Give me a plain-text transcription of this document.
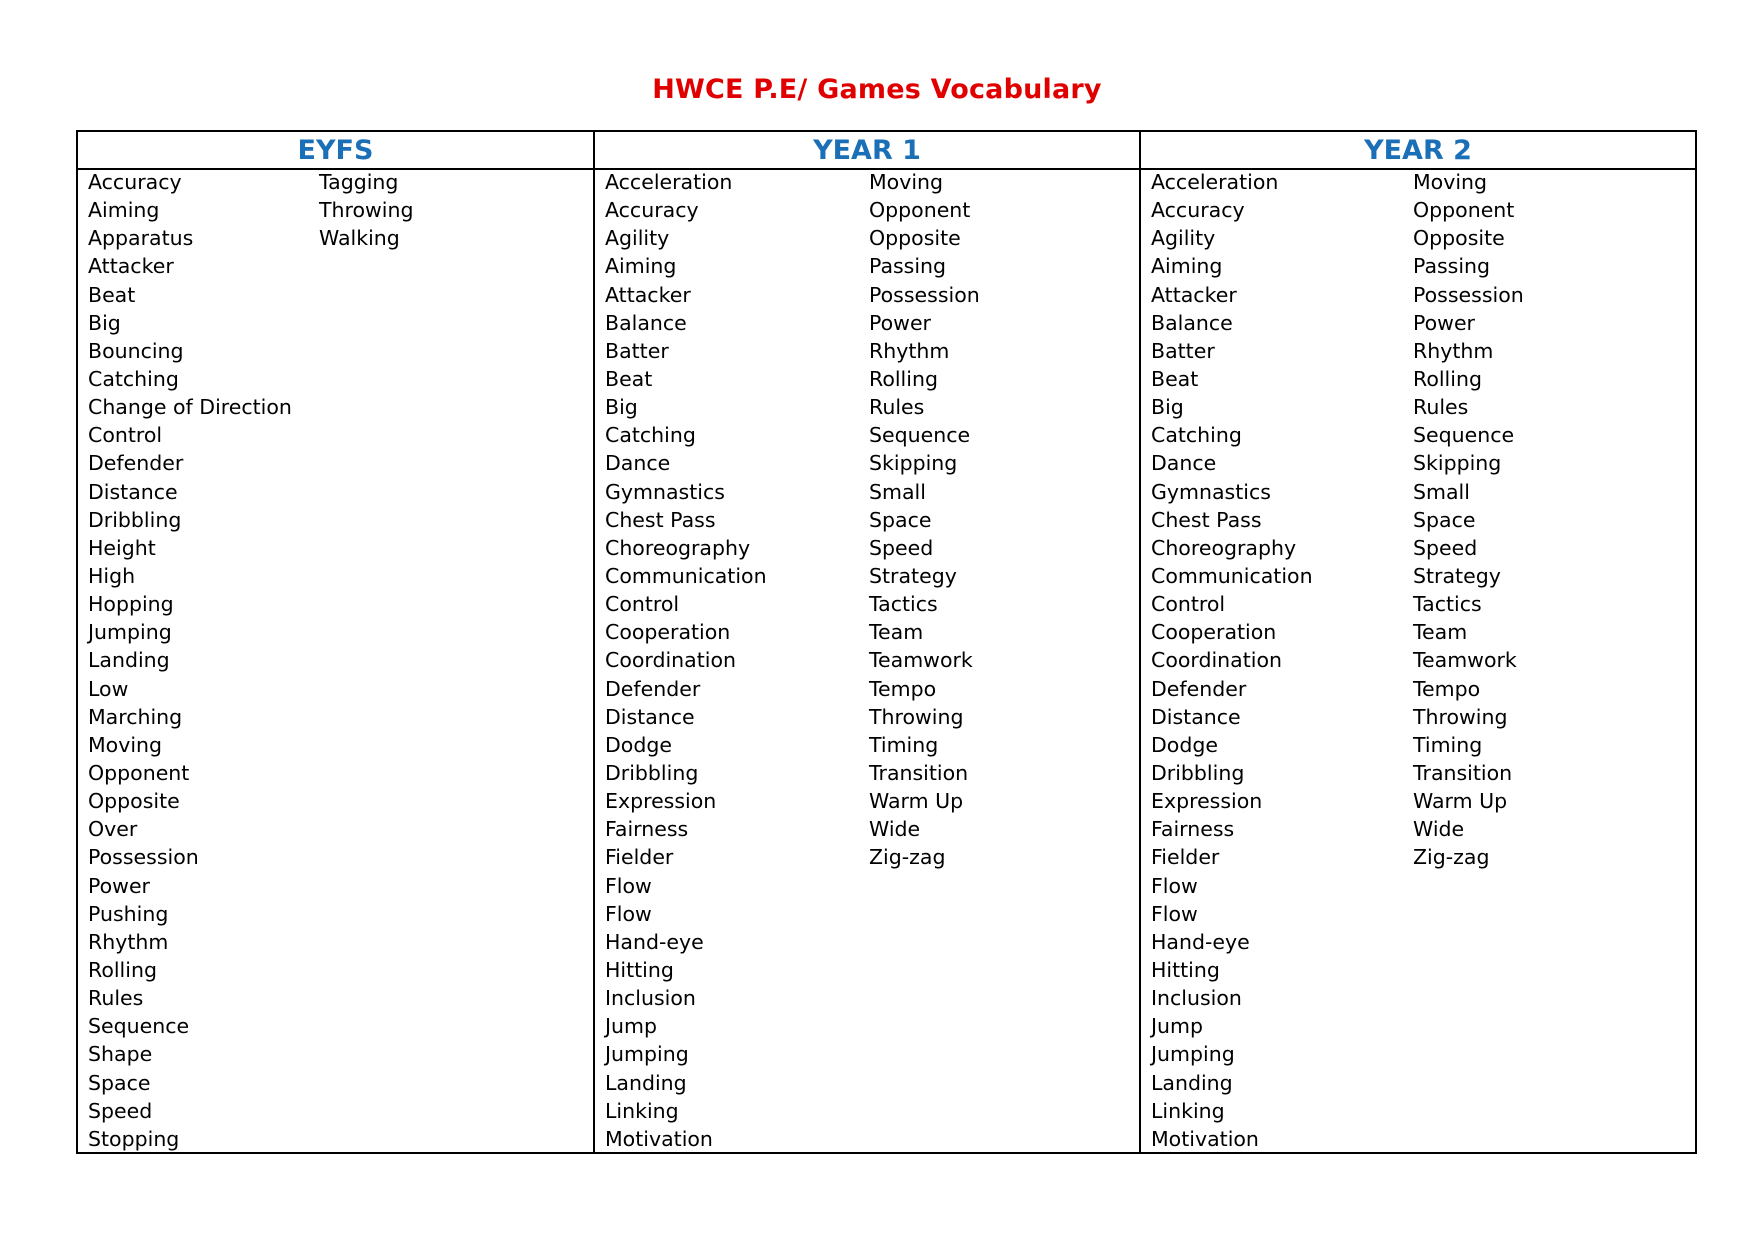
HWCE P.E/ Games Vocabulary
EYFS
Accuracy
Aiming
Apparatus
Attacker
Beat
Big
Bouncing
Catching
Change of Direction
Control
Defender
Distance
Dribbling
Height
High
Hopping
Jumping
Landing
Low
Marching
Moving
Opponent
Opposite
Over
Possession
Power
Pushing
Rhythm
Rolling
Rules
Sequence
Shape
Space
Speed
Stopping
Tagging
Throwing
Walking
YEAR 1
Acceleration
Accuracy
Agility
Aiming
Attacker
Balance
Batter
Beat
Big
Catching
Dance
Gymnastics
Chest Pass
Choreography
Communication
Control
Cooperation
Coordination
Defender
Distance
Dodge
Dribbling
Expression
Fairness
Fielder
Flow
Flow
Hand-eye
Hitting
Inclusion
Jump
Jumping
Landing
Linking
Motivation
Moving
Opponent
Opposite
Passing
Possession
Power
Rhythm
Rolling
Rules
Sequence
Skipping
Small
Space
Speed
Strategy
Tactics
Team
Teamwork
Tempo
Throwing
Timing
Transition
Warm Up
Wide
Zig-zag
YEAR 2
Acceleration
Accuracy
Agility
Aiming
Attacker
Balance
Batter
Beat
Big
Catching
Dance
Gymnastics
Chest Pass
Choreography
Communication
Control
Cooperation
Coordination
Defender
Distance
Dodge
Dribbling
Expression
Fairness
Fielder
Flow
Flow
Hand-eye
Hitting
Inclusion
Jump
Jumping
Landing
Linking
Motivation
Moving
Opponent
Opposite
Passing
Possession
Power
Rhythm
Rolling
Rules
Sequence
Skipping
Small
Space
Speed
Strategy
Tactics
Team
Teamwork
Tempo
Throwing
Timing
Transition
Warm Up
Wide
Zig-zag
